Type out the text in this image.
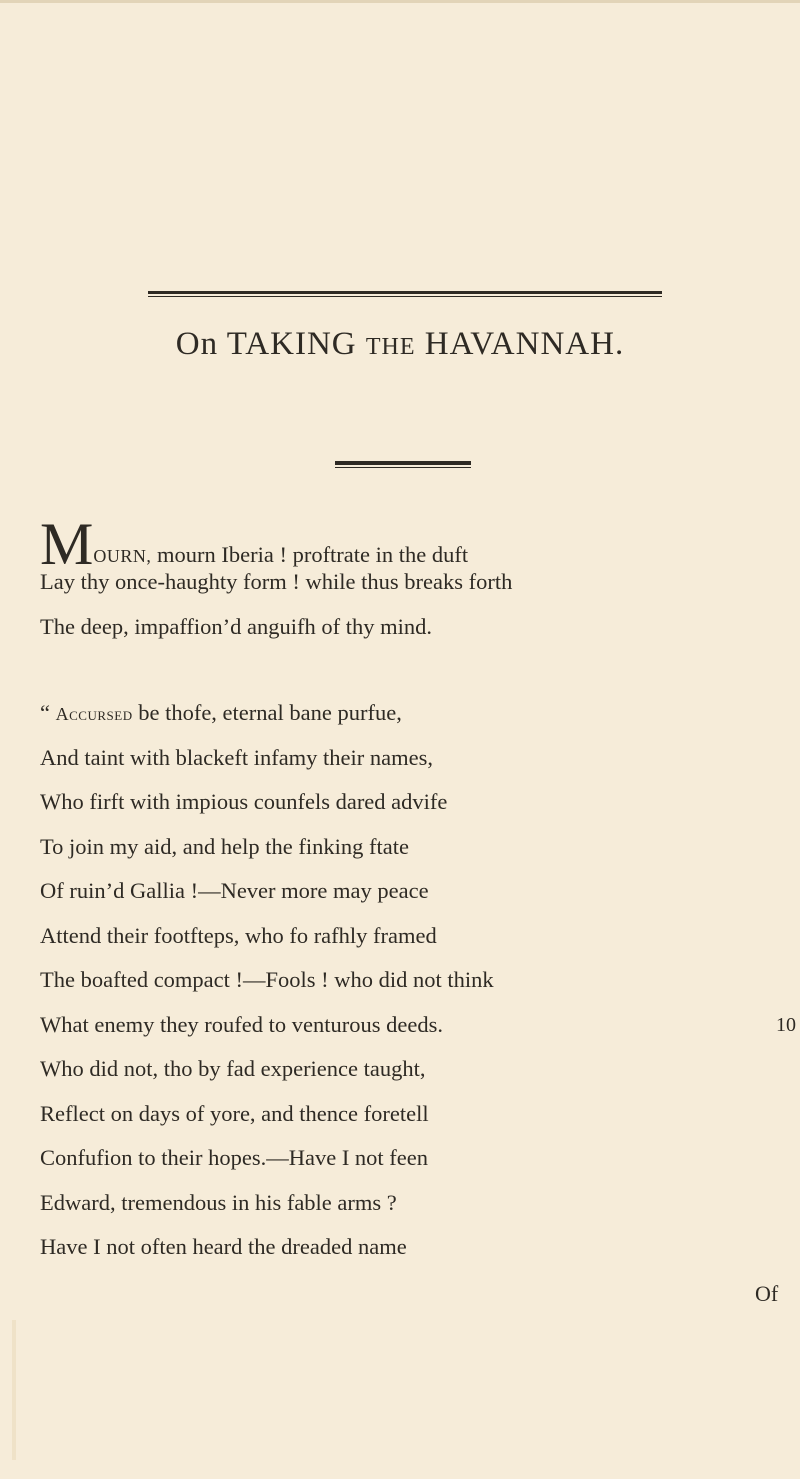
On TAKING THE HAVANNAH.
MOURN, mourn Iberia ! proftrate in the duft
Lay thy once-haughty form ! while thus breaks forth
The deep, impaffion’d anguifh of thy mind.
“ Accursed be thofe, eternal bane purfue,
And taint with blackeft infamy their names,
Who firft with impious counfels dared advife
To join my aid, and help the finking ftate
Of ruin’d Gallia !—Never more may peace
Attend their footfteps, who fo rafhly framed
The boafted compact !—Fools ! who did not think
What enemy they roufed to venturous deeds.
Who did not, tho by fad experience taught,
Reflect on days of yore, and thence foretell
Confufion to their hopes.—Have I not feen
Edward, tremendous in his fable arms ?
Have I not often heard the dreaded name
10
Of
